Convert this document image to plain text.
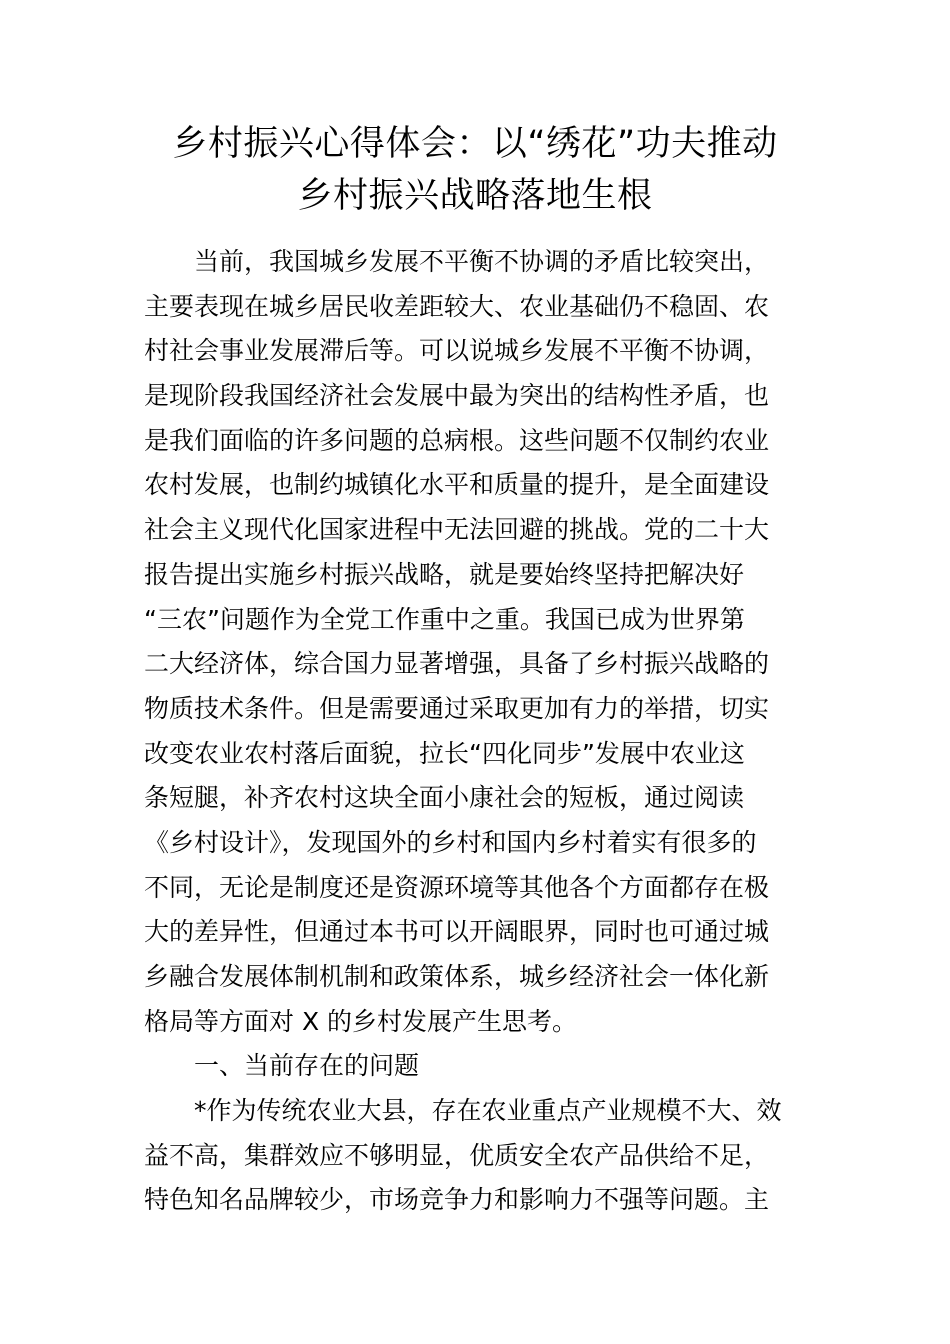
乡村振兴心得体会：以“绣花”功夫推动
乡村振兴战略落地生根
当前，我国城乡发展不平衡不协调的矛盾比较突出，
主要表现在城乡居民收差距较大、农业基础仍不稳固、农
村社会事业发展滞后等。可以说城乡发展不平衡不协调，
是现阶段我国经济社会发展中最为突出的结构性矛盾，也
是我们面临的许多问题的总病根。这些问题不仅制约农业
农村发展，也制约城镇化水平和质量的提升，是全面建设
社会主义现代化国家进程中无法回避的挑战。党的二十大
报告提出实施乡村振兴战略，就是要始终坚持把解决好
“三农”问题作为全党工作重中之重。我国已成为世界第
二大经济体，综合国力显著增强，具备了乡村振兴战略的
物质技术条件。但是需要通过采取更加有力的举措，切实
改变农业农村落后面貌，拉长“四化同步”发展中农业这
条短腿，补齐农村这块全面小康社会的短板，通过阅读
《乡村设计》，发现国外的乡村和国内乡村着实有很多的
不同，无论是制度还是资源环境等其他各个方面都存在极
大的差异性，但通过本书可以开阔眼界，同时也可通过城
乡融合发展体制机制和政策体系，城乡经济社会一体化新
格局等方面对 X 的乡村发展产生思考。
一、当前存在的问题
*作为传统农业大县，存在农业重点产业规模不大、效
益不高，集群效应不够明显，优质安全农产品供给不足，
特色知名品牌较少，市场竞争力和影响力不强等问题。主
